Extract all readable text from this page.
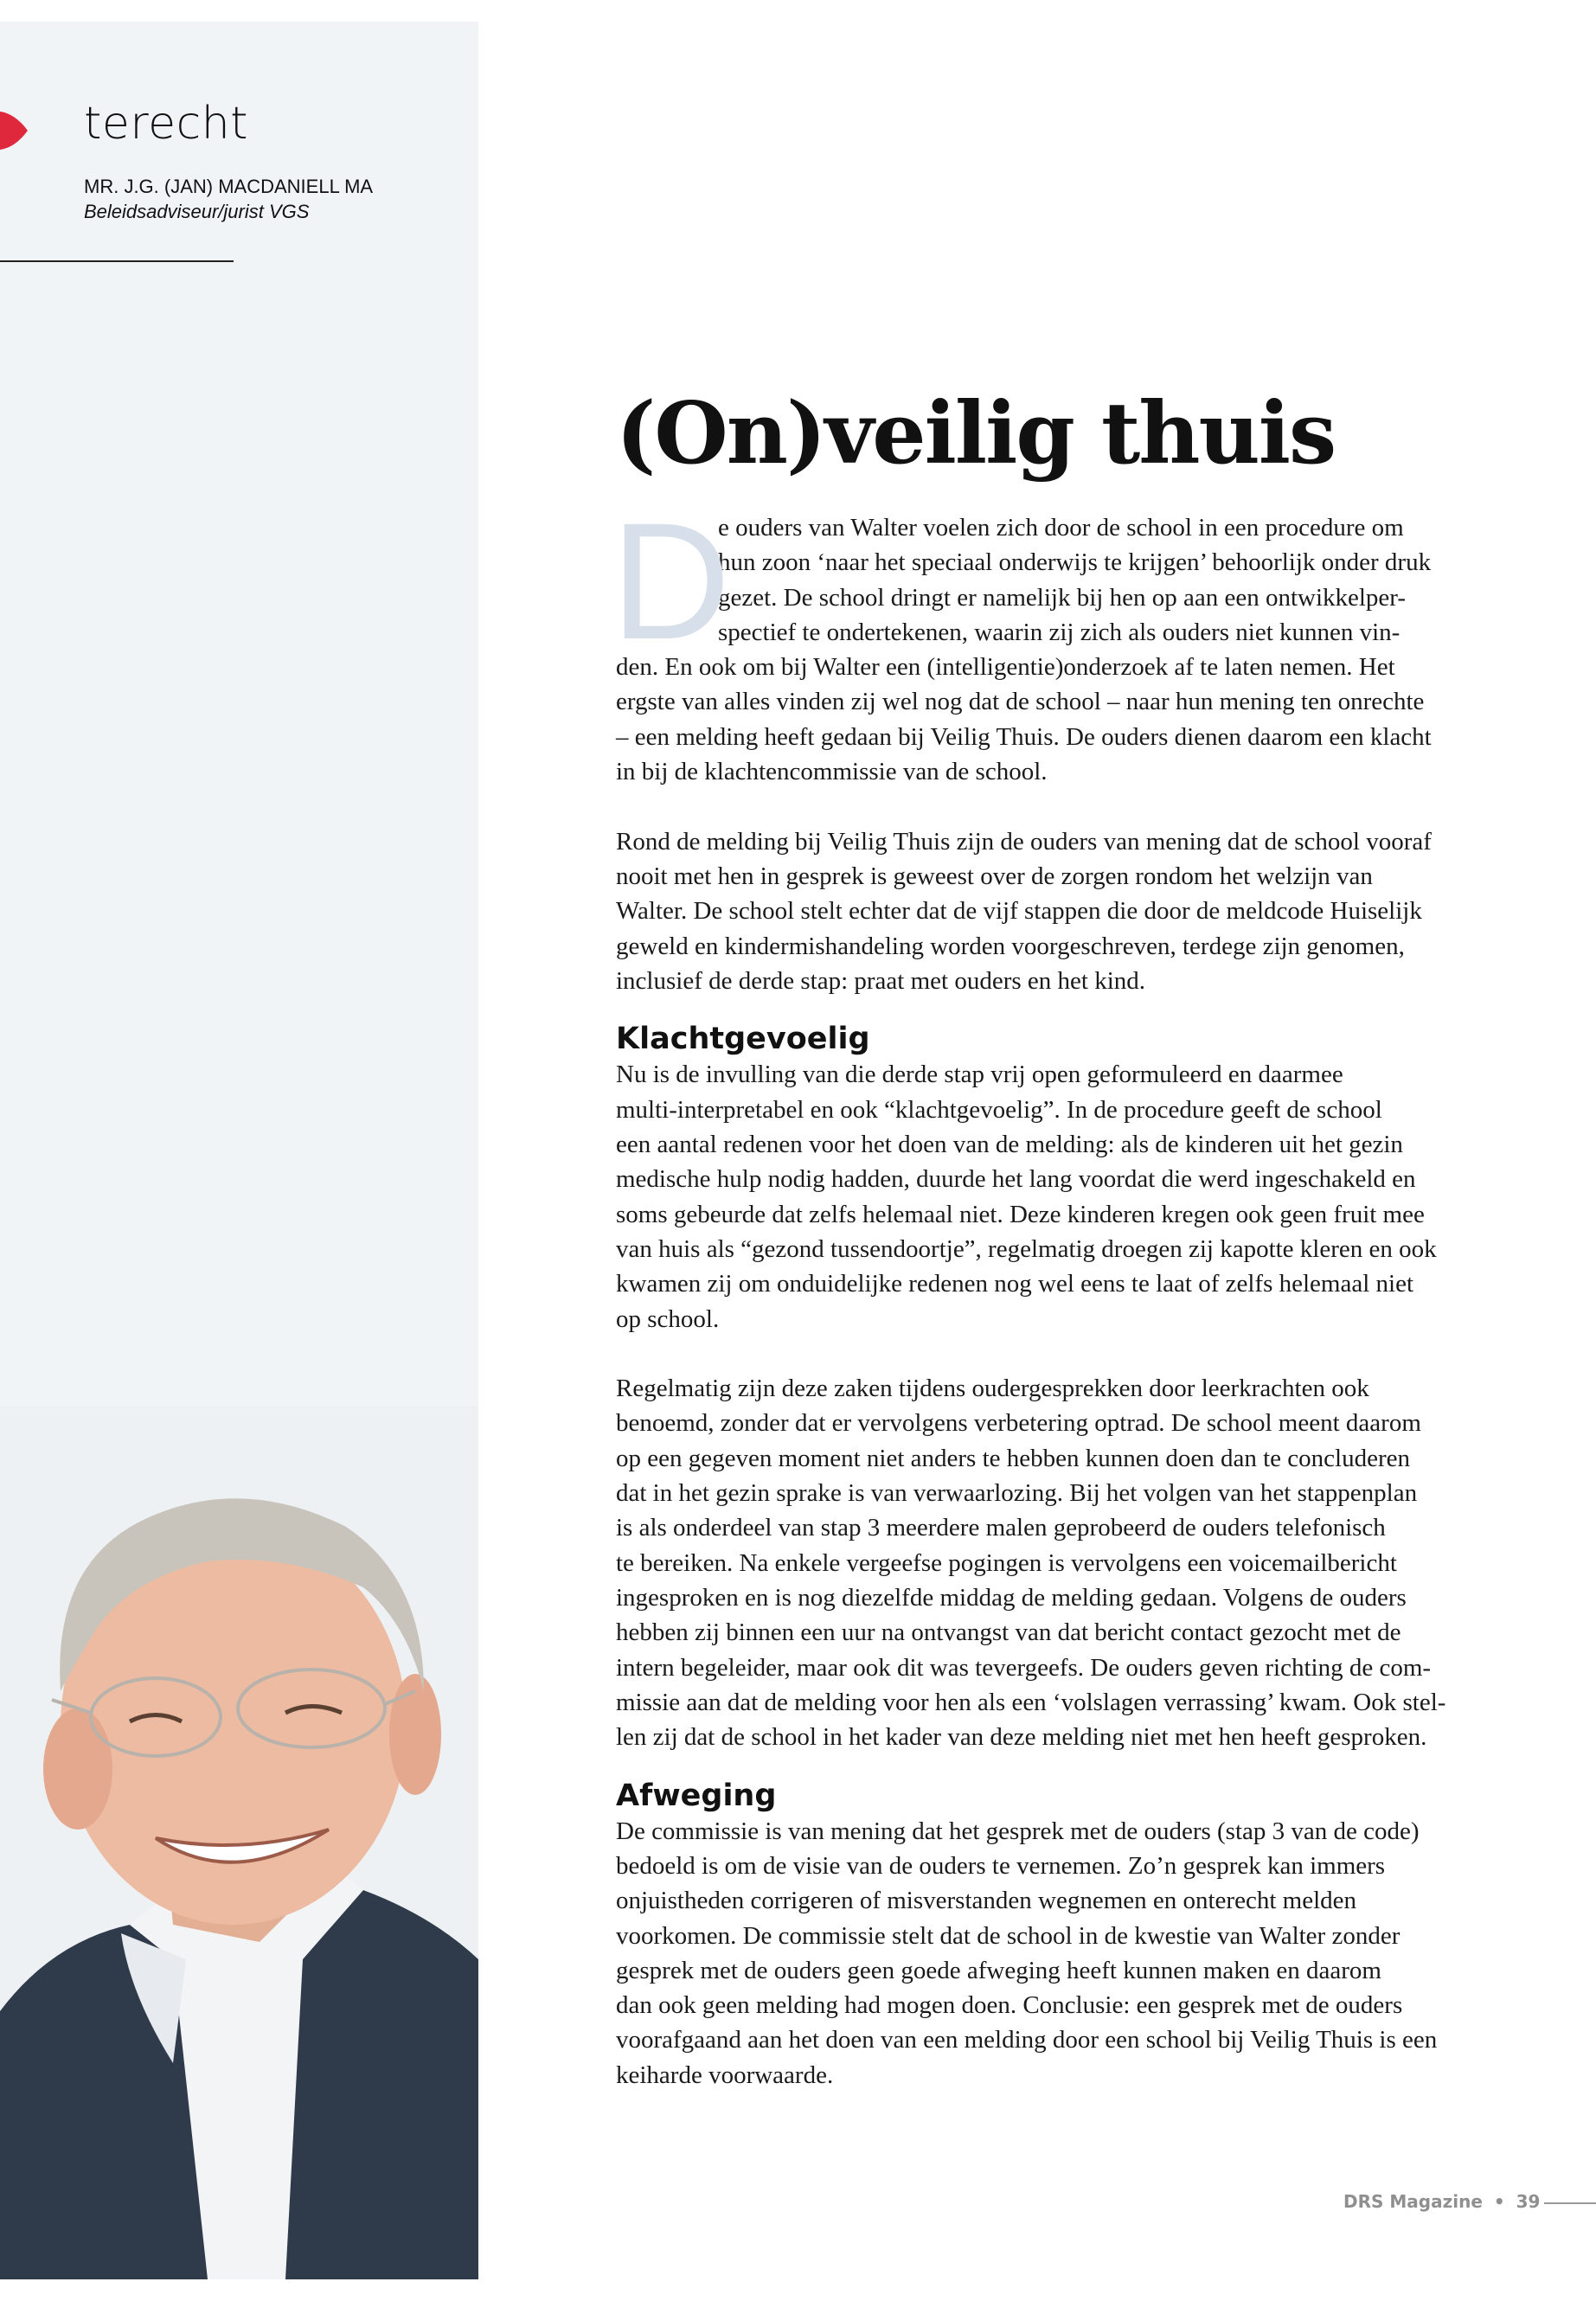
terecht
MR. J.G. (JAN) MACDANIELL MA
Beleidsadviseur/jurist VGS
(On)veilig thuis
D
e ouders van Walter voelen zich door de school in een procedure om
hun zoon ‘naar het speciaal onderwijs te krijgen’ behoorlijk onder druk
gezet. De school dringt er namelijk bij hen op aan een ontwikkelper-
spectief te ondertekenen, waarin zij zich als ouders niet kunnen vin-
den. En ook om bij Walter een (intelligentie)onderzoek af te laten nemen. Het
ergste van alles vinden zij wel nog dat de school – naar hun mening ten onrechte
– een melding heeft gedaan bij Veilig Thuis. De ouders dienen daarom een klacht
in bij de klachtencommissie van de school.
Rond de melding bij Veilig Thuis zijn de ouders van mening dat de school vooraf
nooit met hen in gesprek is geweest over de zorgen rondom het welzijn van
Walter. De school stelt echter dat de vijf stappen die door de meldcode Huiselijk
geweld en kindermishandeling worden voorgeschreven, terdege zijn genomen,
inclusief de derde stap: praat met ouders en het kind.
Klachtgevoelig
Nu is de invulling van die derde stap vrij open geformuleerd en daarmee
multi-interpretabel en ook “klachtgevoelig”. In de procedure geeft de school
een aantal redenen voor het doen van de melding: als de kinderen uit het gezin
medische hulp nodig hadden, duurde het lang voordat die werd ingeschakeld en
soms gebeurde dat zelfs helemaal niet. Deze kinderen kregen ook geen fruit mee
van huis als “gezond tussendoortje”, regelmatig droegen zij kapotte kleren en ook
kwamen zij om onduidelijke redenen nog wel eens te laat of zelfs helemaal niet
op school.
Regelmatig zijn deze zaken tijdens oudergesprekken door leerkrachten ook
benoemd, zonder dat er vervolgens verbetering optrad. De school meent daarom
op een gegeven moment niet anders te hebben kunnen doen dan te concluderen
dat in het gezin sprake is van verwaarlozing. Bij het volgen van het stappenplan
is als onderdeel van stap 3 meerdere malen geprobeerd de ouders telefonisch
te bereiken. Na enkele vergeefse pogingen is vervolgens een voicemailbericht
ingesproken en is nog diezelfde middag de melding gedaan. Volgens de ouders
hebben zij binnen een uur na ontvangst van dat bericht contact gezocht met de
intern begeleider, maar ook dit was tevergeefs. De ouders geven richting de com-
missie aan dat de melding voor hen als een ‘volslagen verrassing’ kwam. Ook stel-
len zij dat de school in het kader van deze melding niet met hen heeft gesproken.
Afweging
De commissie is van mening dat het gesprek met de ouders (stap 3 van de code)
bedoeld is om de visie van de ouders te vernemen. Zo’n gesprek kan immers
onjuistheden corrigeren of misverstanden wegnemen en onterecht melden
voorkomen. De commissie stelt dat de school in de kwestie van Walter zonder
gesprek met de ouders geen goede afweging heeft kunnen maken en daarom
dan ook geen melding had mogen doen. Conclusie: een gesprek met de ouders
voorafgaand aan het doen van een melding door een school bij Veilig Thuis is een
keiharde voorwaarde.
DRS Magazine • 39
